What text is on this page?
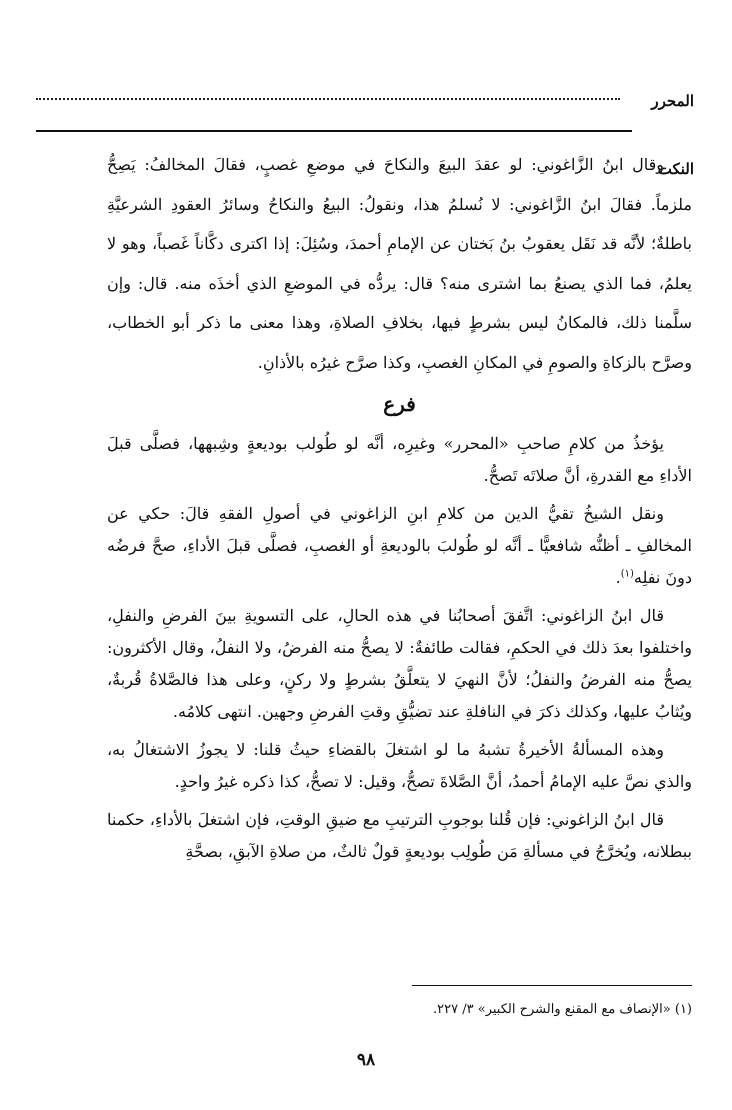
المحرر
النكت

وقال ابنُ الزَّاغوني: لو عقدَ البيعَ والنكاحَ في موضعِ غصبٍ، فقالَ المخالفُ: يَصِحُّ ملزماً. فقالَ ابنُ الزَّاغوني: لا نُسلمُ هذا، ونقولُ: البيعُ والنكاحُ وسائرُ العقودِ الشرعيَّةِ باطلةٌ؛ لأنَّه قد نَقَل يعقوبُ بنُ بَختان عن الإمامِ أحمدَ، وسُئِلَ: إذا اكترى دكَّاناً غَصباً، وهو لا يعلمُ، فما الذي يصنعُ بما اشترى منه؟ قال: يردُّه في الموضعِ الذي أخذَه منه. قال: وإن سلَّمنا ذلك، فالمكانُ ليس بشرطٍ فيها، بخلافِ الصلاةِ، وهذا معنى ما ذكر أبو الخطاب، وصرَّح بالزكاةِ والصومِ في المكانِ الغصبِ، وكذا صرَّح غيرُه بالأذانِ.

فرع

يؤخذُ من كلامِ صاحبِ «المحرر» وغيرِه، أنَّه لو طُولب بوديعةٍ وشِبهها، فصلَّى قبلَ الأداءِ مع القدرةِ، أنَّ صلاتَه تَصحُّ.

ونقل الشيخُ تقيُّ الدين من كلامِ ابنِ الزاغوني في أصولِ الفقهِ قالَ: حكي عن المخالفِ ـ أظنُّه شافعيًّا ـ أنَّه لو طُولبَ بالوديعةِ أو الغصبِ، فصلَّى قبلَ الأداءِ، صحَّ فرضُه دونَ نفلِه$^{(١)}$.

قال ابنُ الزاغوني: اتَّفقَ أصحابُنا في هذه الحالِ، على التسويةِ بينَ الفرضِ والنفلِ، واختلفوا بعدَ ذلك في الحكمِ، فقالت طائفةٌ: لا يصحُّ منه الفرضُ، ولا النفلُ، وقال الأكثرون: يصحُّ منه الفرضُ والنفلُ؛ لأنَّ النهيَ لا يتعلَّقُ بشرطٍ ولا ركنٍ، وعلى هذا فالصَّلاةُ قُربةٌ، ويُثابُ عليها، وكذلك ذكرَ في النافلةِ عند تضيُّقِ وقتِ الفرضِ وجهين. انتهى كلامُه.

وهذه المسألةُ الأخيرةُ تشبهُ ما لو اشتغلَ بالقضاءِ حيثُ قلنا: لا يجوزُ الاشتغالُ به، والذي نصَّ عليه الإمامُ أحمدُ، أنَّ الصَّلاةَ تصحُّ، وقيل: لا تصحُّ، كذا ذكره غيرُ واحدٍ.

قال ابنُ الزاغوني: فإن قُلنا بوجوبِ الترتيبِ مع ضيقِ الوقتِ، فإن اشتغلَ بالأداءِ، حكمنا ببطلانه، ويُخرَّجُ في مسألةِ مَن طُولِب بوديعةٍ قولٌ ثالثٌ، من صلاةِ الآبقِ، بصحَّةِ

(١) «الإنصاف مع المقنع والشرح الكبير» ٣/ ٢٢٧.
٩٨
